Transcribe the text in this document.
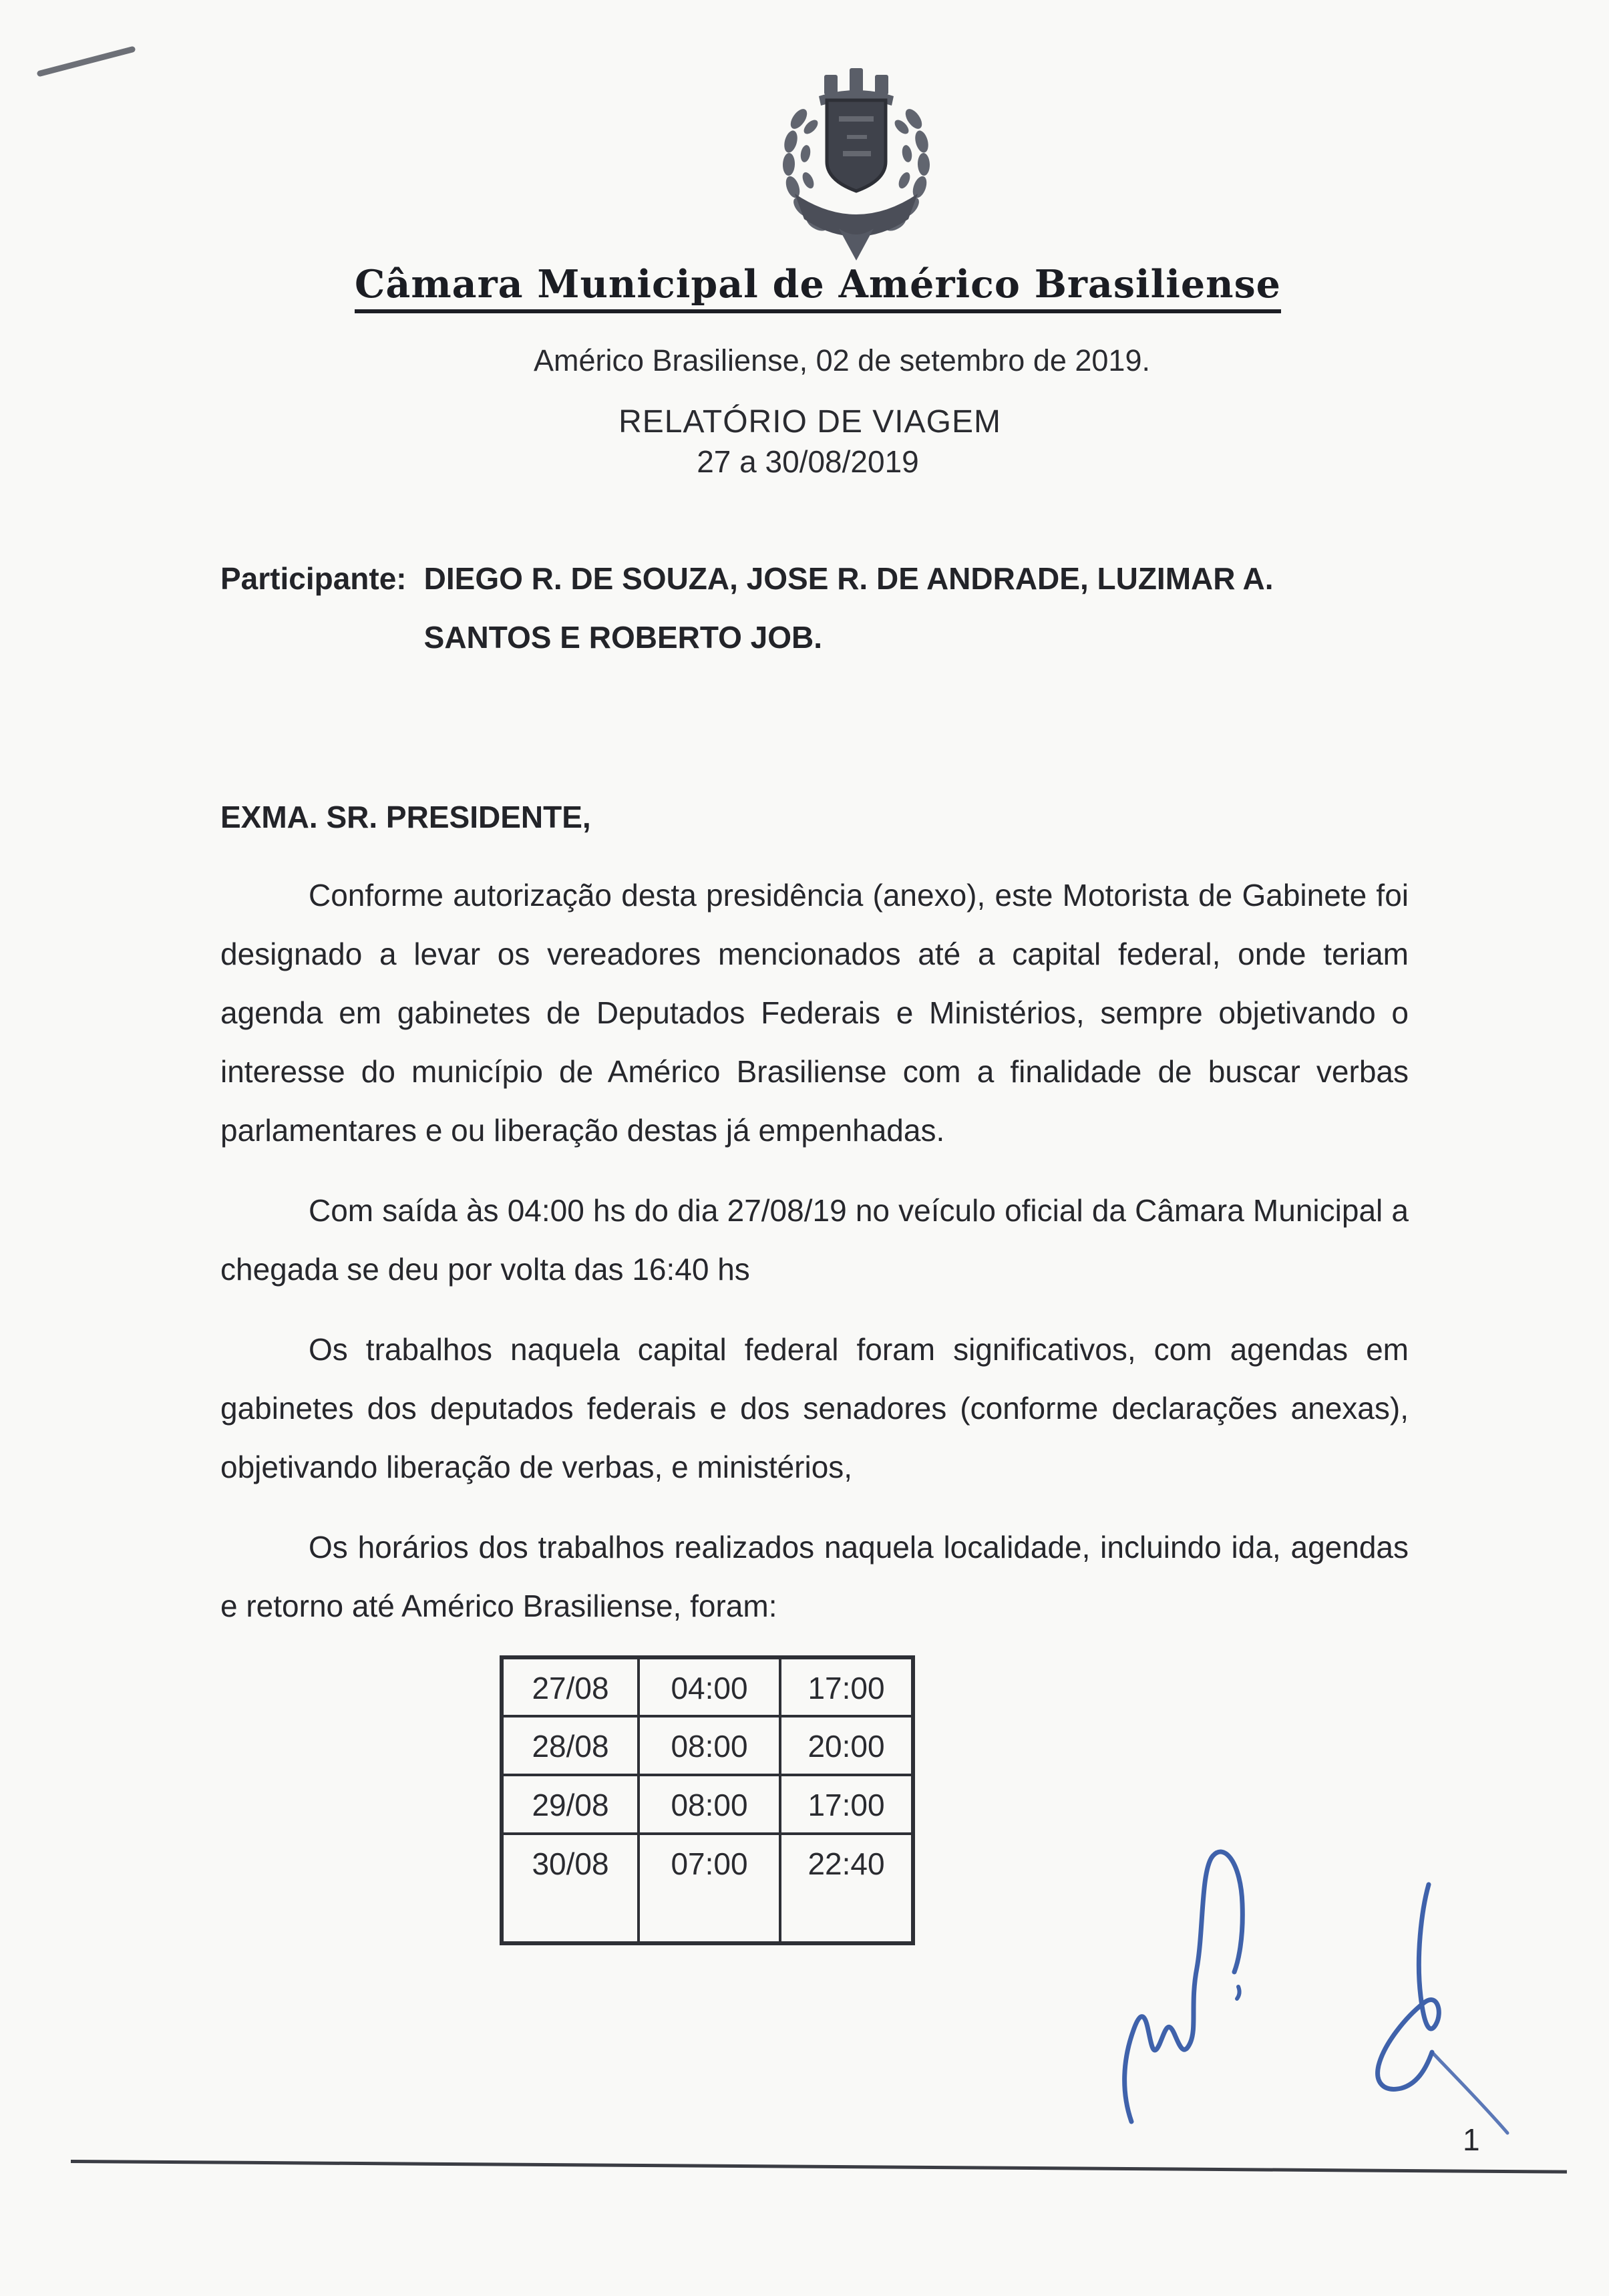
Câmara Municipal de Américo Brasiliense
Américo Brasiliense, 02 de setembro de 2019.
RELATÓRIO DE VIAGEM
27 a 30/08/2019
Participante: DIEGO R. DE SOUZA, JOSE R. DE ANDRADE, LUZIMAR A.
SANTOS E ROBERTO JOB.
EXMA. SR. PRESIDENTE,

Conforme autorização desta presidência (anexo), este Motorista de Gabinete foi designado a levar os vereadores mencionados até a capital federal, onde teriam agenda em gabinetes de Deputados Federais e Ministérios, sempre objetivando o interesse do município de Américo Brasiliense com a finalidade de buscar verbas parlamentares e ou liberação destas já empenhadas.

Com saída às 04:00 hs do dia 27/08/19 no veículo oficial da Câmara Municipal a chegada se deu por volta das 16:40 hs

Os trabalhos naquela capital federal foram significativos, com agendas em gabinetes dos deputados federais e dos senadores (conforme declarações anexas), objetivando liberação de verbas, e ministérios,

Os horários dos trabalhos realizados naquela localidade, incluindo ida, agendas e retorno até Américo Brasiliense, foram:

27/08	04:00	17:00
28/08	08:00	20:00
29/08	08:00	17:00
30/08	07:00	22:40
1
